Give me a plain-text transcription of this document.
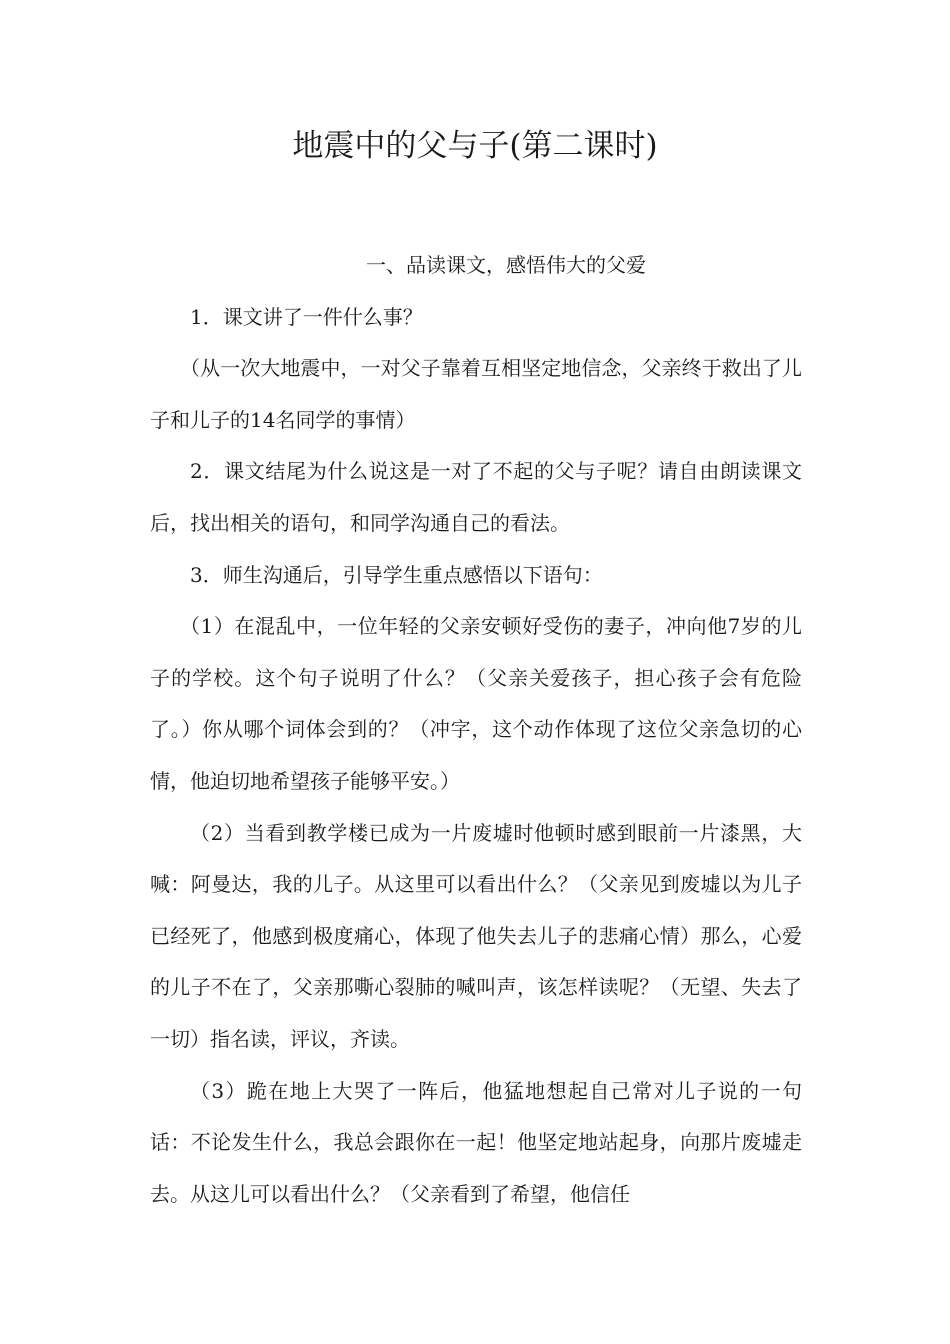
地震中的父与子(第二课时)

一、品读课文，感悟伟大的父爱

1．课文讲了一件什么事？

（从一次大地震中，一对父子靠着互相坚定地信念，父亲终于救出了儿子和儿子的14名同学的事情）

2．课文结尾为什么说这是一对了不起的父与子呢？请自由朗读课文后，找出相关的语句，和同学沟通自己的看法。

3．师生沟通后，引导学生重点感悟以下语句：

（1）在混乱中，一位年轻的父亲安顿好受伤的妻子，冲向他7岁的儿子的学校。这个句子说明了什么？（父亲关爱孩子，担心孩子会有危险了。）你从哪个词体会到的？（冲字，这个动作体现了这位父亲急切的心情，他迫切地希望孩子能够平安。）

（2）当看到教学楼已成为一片废墟时他顿时感到眼前一片漆黑，大喊：阿曼达，我的儿子。从这里可以看出什么？（父亲见到废墟以为儿子已经死了，他感到极度痛心，体现了他失去儿子的悲痛心情）那么，心爱的儿子不在了，父亲那嘶心裂肺的喊叫声，该怎样读呢？（无望、失去了一切）指名读，评议，齐读。

（3）跪在地上大哭了一阵后，他猛地想起自己常对儿子说的一句话：不论发生什么，我总会跟你在一起！他坚定地站起身，向那片废墟走去。从这儿可以看出什么？（父亲看到了希望，他信任
